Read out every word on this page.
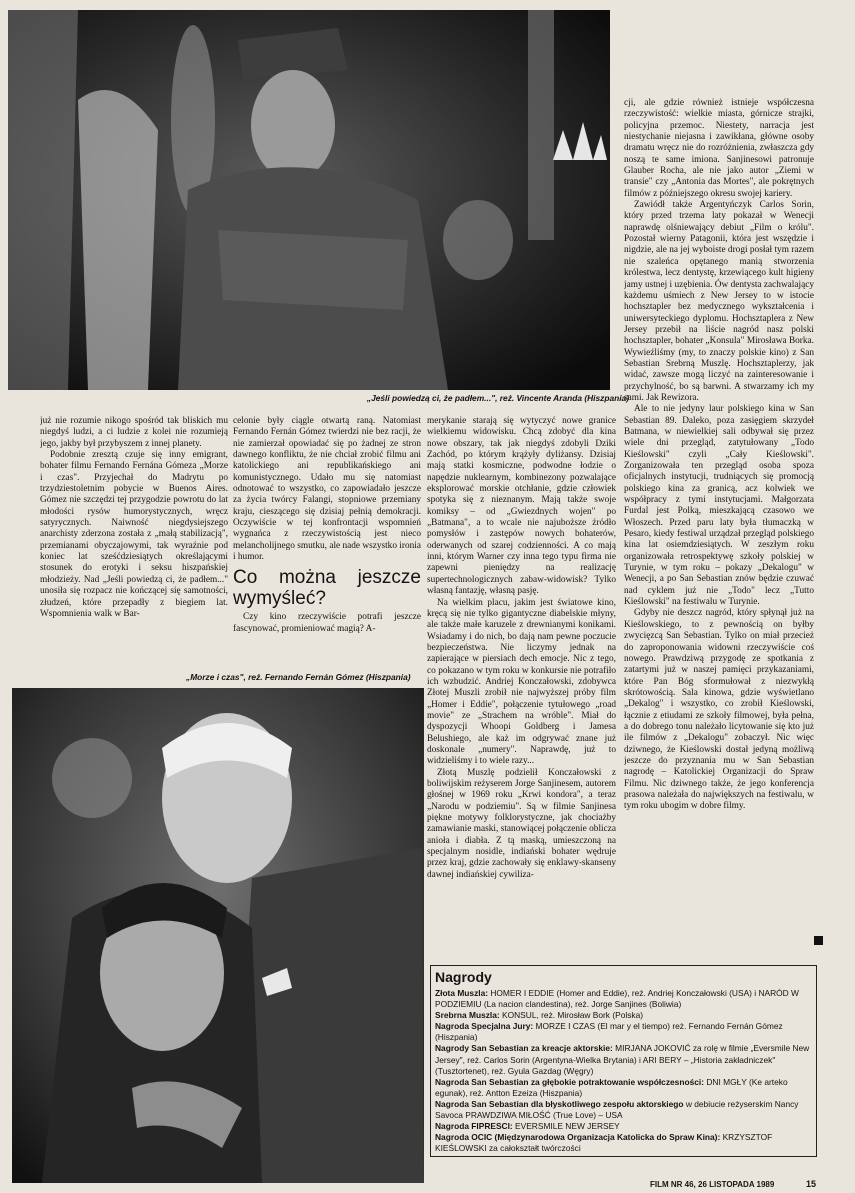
„Jeśli powiedzą ci, że padłem...", reż. Vincente Aranda (Hiszpania)

już nie rozumie nikogo spośród tak bliskich mu niegdyś ludzi, a ci ludzie z kolei nie rozumieją jego, jakby był przybyszem z innej planety.

Podobnie zresztą czuje się inny emigrant, bohater filmu Fernando Fernána Gómeza „Morze i czas". Przyjechał do Madrytu po trzydziestoletnim pobycie w Buenos Aires. Gómez nie szczędzi tej przygodzie powrotu do lat młodości rysów humorystycznych, wręcz satyrycznych. Naiwność niegdysiejszego anarchisty zderzona została z „małą stabilizacją", przemianami obyczajowymi, tak wyraźnie pod koniec lat sześćdziesiątych określającymi stosunek do erotyki i seksu hiszpańskiej młodzieży. Nad „Jeśli powiedzą ci, że padłem..." unosiła się rozpacz nie kończącej się samotności, złudzeń, które przepadły z biegiem lat. Wspomnienia walk w Bar-

celonie były ciągle otwartą raną. Natomiast Fernando Fernán Gómez twierdzi nie bez racji, że nie zamierzał opowiadać się po żadnej ze stron dawnego konfliktu, że nie chciał zrobić filmu ani katolickiego ani republikańskiego ani komunistycznego. Udało mu się natomiast odnotować to wszystko, co zapowiadało jeszcze za życia twórcy Falangi, stopniowe przemiany kraju, cieszącego się dzisiaj pełnią demokracji. Oczywiście w tej konfrontacji wspomnień wygnańca z rzeczywistością jest nieco melancholijnego smutku, ale nade wszystko ironia i humor.

Co można jeszcze wymyśleć?

Czy kino rzeczywiście potrafi jeszcze fascynować, promieniować magią? A-

„Morze i czas", reż. Fernando Fernán Gómez (Hiszpania)

merykanie starają się wytyczyć nowe granice wielkiemu widowisku. Chcą zdobyć dla kina nowe obszary, tak jak niegdyś zdobyli Dziki Zachód, po którym krążyły dyliżansy. Dzisiaj mają statki kosmiczne, podwodne łodzie o napędzie nuklearnym, kombinezony pozwalające eksplorować morskie otchłanie, gdzie człowiek spotyka się z nieznanym. Mają także swoje komiksy – od „Gwiezdnych wojen" po „Batmana", a to wcale nie najuboższe źródło pomysłów i zastępów nowych bohaterów, oderwanych od szarej codzienności. A co mają inni, którym Warner czy inna tego typu firma nie zapewni pieniędzy na realizację supertechnologicznych zabaw-widowisk? Tylko własną fantazję, własną pasję.

Na wielkim placu, jakim jest światowe kino, kręcą się nie tylko gigantyczne diabelskie młyny, ale także małe karuzele z drewnianymi konikami. Wsiadamy i do nich, bo dają nam pewne poczucie bezpieczeństwa. Nie liczymy jednak na zapierające w piersiach dech emocje. Nic z tego, co pokazano w tym roku w konkursie nie potrafiło ich wzbudzić. Andriej Konczałowski, zdobywca Złotej Muszli zrobił nie najwyższej próby film „Homer i Eddie", połączenie tytułowego „road movie" ze „Strachem na wróble". Miał do dyspozycji Whoopi Goldberg i Jamesa Belushiego, ale każ im odgrywać znane już doskonale „numery". Naprawdę, już to widzieliśmy i to wiele razy...

Złotą Muszlę podzielił Konczałowski z boliwijskim reżyserem Jorge Sanjinesem, autorem głośnej w 1969 roku „Krwi kondora", a teraz „Narodu w podziemiu". Są w filmie Sanjinesa piękne motywy folklorystyczne, jak chociażby zamawianie maski, stanowiącej połączenie oblicza anioła i diabła. Z tą maską, umieszczoną na specjalnym nosidle, indiański bohater wędruje przez kraj, gdzie zachowały się enklawy-skanseny dawnej indiańskiej cywiliza-

cji, ale gdzie również istnieje współczesna rzeczywistość: wielkie miasta, górnicze strajki, policyjna przemoc. Niestety, narracja jest niestychanie niejasna i zawikłana, główne osoby dramatu wręcz nie do rozróżnienia, zwłaszcza gdy noszą te same imiona. Sanjinesowi patronuje Glauber Rocha, ale nie jako autor „Ziemi w transie" czy „Antonia das Mortes", ale pokrętnych filmów z późniejszego okresu swojej kariery.

Zawiódł także Argentyńczyk Carlos Sorin, który przed trzema laty pokazał w Wenecji naprawdę olśniewający debiut „Film o królu". Pozostał wierny Patagonii, która jest wszędzie i nigdzie, ale na jej wyboiste drogi posłał tym razem nie szaleńca opętanego manią stworzenia królestwa, lecz dentystę, krzewiącego kult higieny jamy ustnej i uzębienia. Ów dentysta zachwalający każdemu uśmiech z New Jersey to w istocie hochsztapler bez medycznego wykształcenia i uniwersyteckiego dyplomu. Hochsztaplera z New Jersey przebił na liście nagród nasz polski hochsztapler, bohater „Konsula" Mirosława Borka. Wywieźliśmy (my, to znaczy polskie kino) z San Sebastian Srebrną Muszlę. Hochsztaplerzy, jak widać, zawsze mogą liczyć na zainteresowanie i przychylność, bo są barwni. A stwarzamy ich my sami. Jak Rewizora.

Ale to nie jedyny laur polskiego kina w San Sebastian 89. Daleko, poza zasięgiem skrzydeł Batmana, w niewielkiej sali odbywał się przez wiele dni przegląd, zatytułowany „Todo Kieślowski" czyli „Cały Kieślowski". Zorganizowała ten przegląd osoba spoza oficjalnych instytucji, trudniących się promocją polskiego kina za granicą, acz kolwiek we współpracy z tymi instytucjami. Małgorzata Furdal jest Polką, mieszkającą czasowo we Włoszech. Przed paru laty była tłumaczką w Pesaro, kiedy festiwal urządzał przegląd polskiego kina lat osiemdziesiątych. W zeszłym roku organizowała retrospektywę szkoły polskiej w Turynie, w tym roku – pokazy „Dekalogu" w Wenecji, a po San Sebastian znów będzie czuwać nad cyklem już nie „Todo" lecz „Tutto Kieślowski" na festiwalu w Turynie.

Gdyby nie deszcz nagród, który spłynął już na Kieślowskiego, to z pewnością on byłby zwycięzcą San Sebastian. Tylko on miał przecież do zaproponowania widowni rzeczywiście coś nowego. Prawdziwą przygodę ze spotkania z zatartymi już w naszej pamięci przykazaniami, które Pan Bóg sformułował z niezwykłą skrótowością. Sala kinowa, gdzie wyświetlano „Dekalog" i wszystko, co zrobił Kieślowski, łącznie z etiudami ze szkoły filmowej, była pełna, a do dobrego tonu należało licytowanie się kto już ile filmów z „Dekalogu" zobaczył. Nic więc dziwnego, że Kieślowski dostał jedyną możliwą jeszcze do przyznania mu w San Sebastian nagrodę – Katolickiej Organizacji do Spraw Filmu. Nic dziwnego także, że jego konferencja prasowa należała do największych na festiwalu, w tym roku ubogim w dobre filmy.

Nagrody
Złota Muszla: HOMER I EDDIE (Homer and Eddie), reż. Andriej Konczałowski (USA) i NARÓD W PODZIEMIU (La nacion clandestina), reż. Jorge Sanjines (Boliwia)
Srebrna Muszla: KONSUL, reż. Mirosław Bork (Polska)
Nagroda Specjalna Jury: MORZE I CZAS (El mar y el tiempo) reż. Fernando Fernán Gómez (Hiszpania)
Nagrody San Sebastian za kreacje aktorskie: MIRJANA JOKOVIĆ za rolę w filmie „Eversmile New Jersey", reż. Carlos Sorin (Argentyna-Wielka Brytania) i ARI BERY – „Historia zakładniczek" (Tusztortenet), reż. Gyula Gazdag (Węgry)
Nagroda San Sebastian za głębokie potraktowanie współczesności: DNI MGŁY (Ke arteko egunak), reż. Antton Ezeiza (Hiszpania)
Nagroda San Sebastian dla błyskotliwego zespołu aktorskiego w debiucie reżyserskim Nancy Savoca PRAWDZIWA MIŁOŚĆ (True Love) – USA
Nagroda FIPRESCI: EVERSMILE NEW JERSEY
Nagroda OCIC (Międzynarodowa Organizacja Katolicka do Spraw Kina): KRZYSZTOF KIEŚLOWSKI za całokształt twórczości
FILM NR 46, 26 LISTOPADA 1989	15
